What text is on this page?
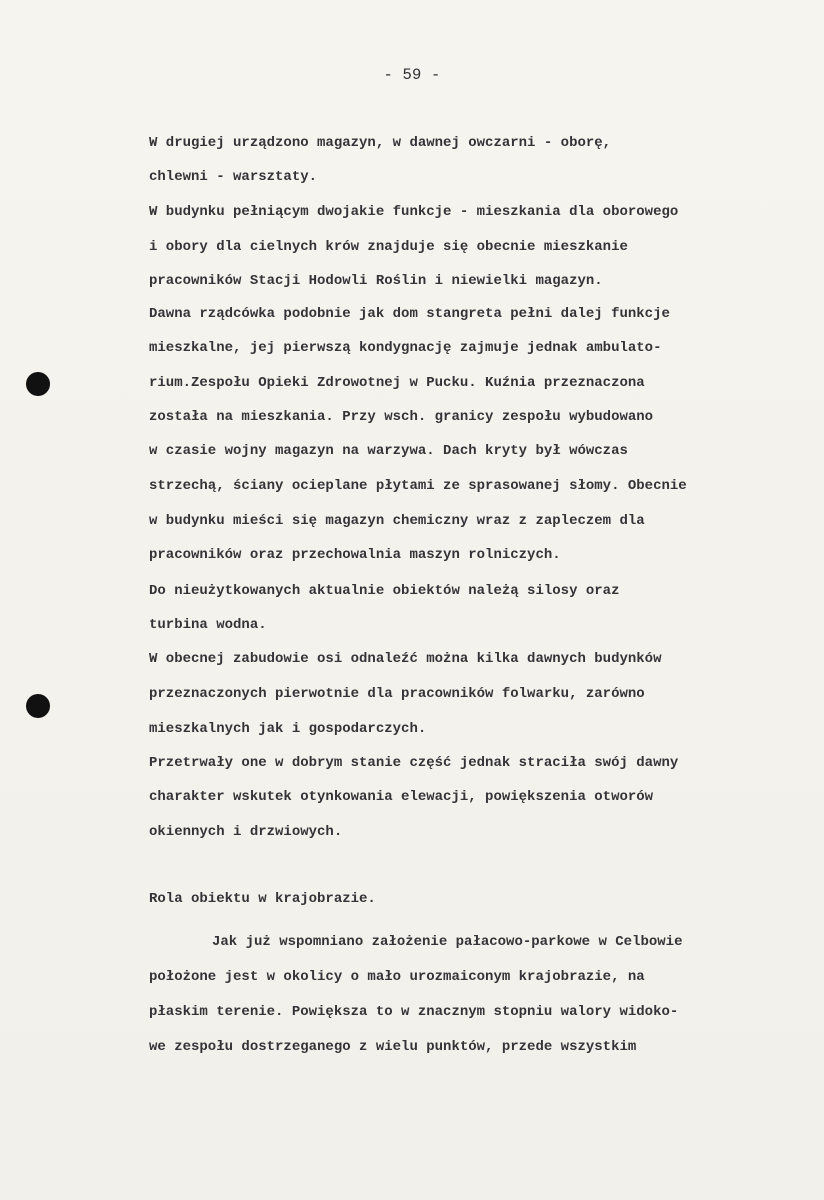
- 59 -
W drugiej urządzono magazyn, w dawnej owczarni - oborę,
chlewni - warsztaty.
W budynku pełniącym dwojakie funkcje - mieszkania dla oborowego
i obory dla cielnych krów znajduje się obecnie mieszkanie
pracowników Stacji Hodowli Roślin i niewielki magazyn.
Dawna rządcówka podobnie jak dom stangreta pełni dalej funkcje
mieszkalne, jej pierwszą kondygnację zajmuje jednak ambulato-
rium.Zespołu Opieki Zdrowotnej w Pucku. Kuźnia przeznaczona
została na mieszkania. Przy wsch. granicy zespołu wybudowano
w czasie wojny magazyn na warzywa. Dach kryty był wówczas
strzechą, ściany ocieplane płytami ze sprasowanej słomy. Obecnie
w budynku mieści się magazyn chemiczny wraz z zapleczem dla
pracowników oraz przechowalnia maszyn rolniczych.
Do nieużytkowanych aktualnie obiektów należą silosy oraz
turbina wodna.
W obecnej zabudowie osi odnaleźć można kilka dawnych budynków
przeznaczonych pierwotnie dla pracowników folwarku, zarówno
mieszkalnych jak i gospodarczych.
Przetrwały one w dobrym stanie część jednak straciła swój dawny
charakter wskutek otynkowania elewacji, powiększenia otworów
okiennych i drzwiowych.
Rola obiektu w krajobrazie.
Jak już wspomniano założenie pałacowo-parkowe w Celbowie
położone jest w okolicy o mało urozmaiconym krajobrazie, na
płaskim terenie. Powiększa to w znacznym stopniu walory widoko-
we zespołu dostrzeganego z wielu punktów, przede wszystkim
